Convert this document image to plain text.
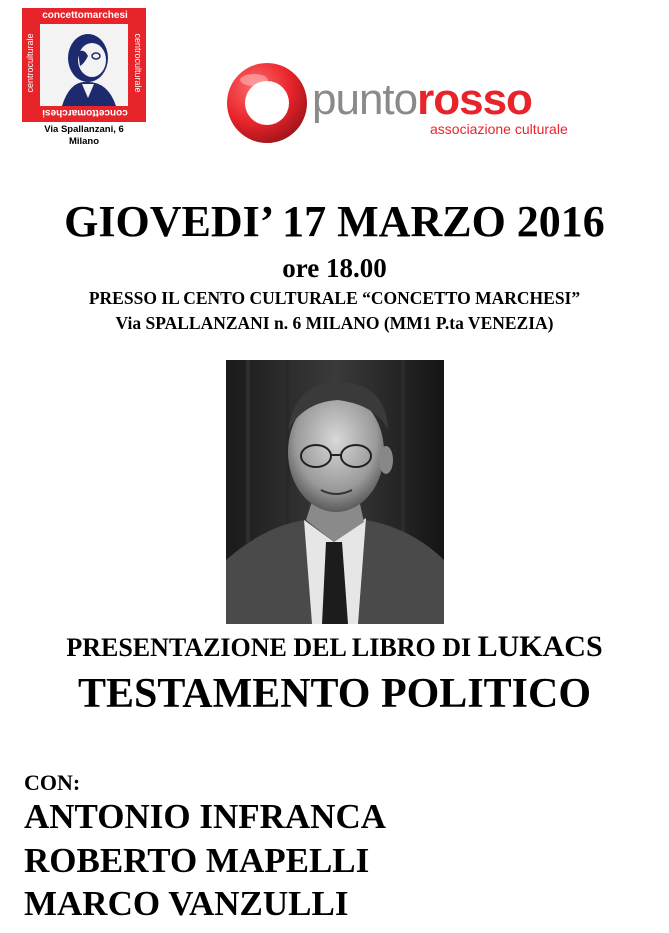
concettomarchesi
centroculturale	centroculturale
concettomarchesi
Via Spallanzani, 6
Milano
puntorosso
associazione culturale
GIOVEDI’ 17 MARZO 2016
ore 18.00
PRESSO IL CENTO CULTURALE “CONCETTO MARCHESI”
Via SPALLANZANI n. 6 MILANO (MM1 P.ta VENEZIA)
PRESENTAZIONE DEL LIBRO DI LUKACS
TESTAMENTO POLITICO
CON:
ANTONIO INFRANCA
ROBERTO MAPELLI
MARCO VANZULLI
